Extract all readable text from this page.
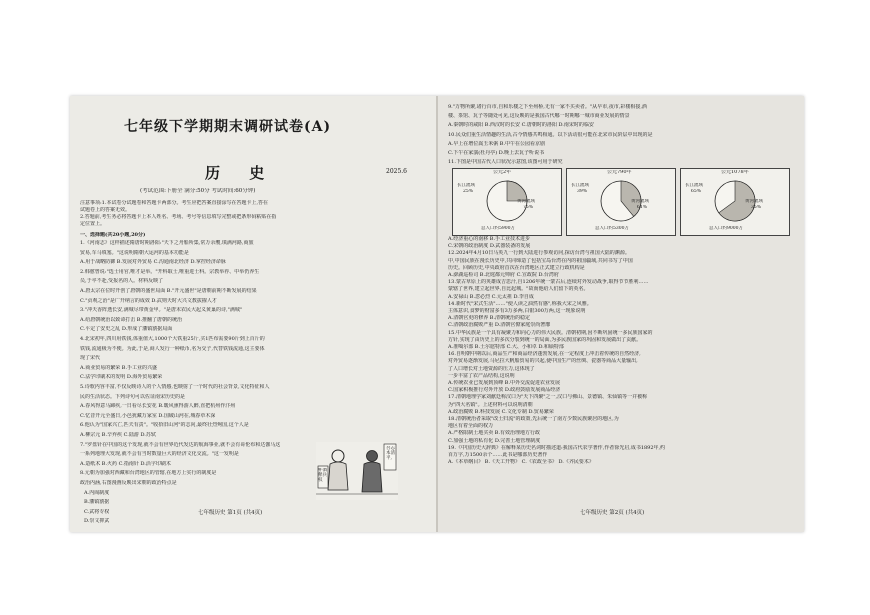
七年级下学期期末调研试卷(A)
历 史	2025.6
(考试范围:下册全 满分:50分 考试时间:60分钟)
注意事项:1.本试卷分试题卷和答题卡两部分。考生应把答案直接涂写在答题卡上,答在
试题卷上的答案无效。
2.答题前,考生务必将答题卡上本人姓名、考场、考号等信息填写完整或把条形码粘贴在指
定位置上。
一、选择题(共20小题,20分)
1.《河南志》这样描述隋唐时期洛阳:"天下之舟船所集,常万余艘,填满河路,商旅
贸易,车马填塞。"这说明隋朝大运河的基本功能是
A.用于战略防御 B.发展对外贸易 C.沟通南北经济 D.掌控经济命脉
2.韩愈曾说:"选士用官,唯才是举。"开科取士,唯重进士科。宗教举荐、中举仍养生
员,于卒不赴,受报名的人。材料反映了
A.唐太宗在位时开创了唐朝的盛世局面 B."开元盛世"是唐朝前期不断发展的结果
C."贞观之治"是广开纳言的成效 D.武则天时大兴文教拔擢人才
3."冲天香阵透长安,满城尽带黄金甲。"是唐末农民大起义黄巢的诗,"满城"
A.给唐朝统治以致命打击 B.推翻了唐朝的统治
C.平定了安史之乱 D.形成了藩镇割据局面
4.北宋初年,四川用铁钱,体重值大,1000个大铁重25斤,买1匹布需要90斤到上百斤的
铁钱,流通极为不便。为此,于是,商人发行一种纸币,名为交子,代替铁钱流通,这主要体
现了宋代
A.商业贸易的繁荣 B.手工业的兴盛
C.法学印刷术的发明 D.海外贸易繁荣
5.诗歌内容丰富,不仅反映诗人的个人情感,也映射了一个时代的社会背景,文化特征和人
民的生活状态。下列诗句可以佐证南宋历史的是
A.春风得意马蹄疾,一日看尽长安花 B.暖风熏得游人醉,直把杭州作汴州
C.忆昔开元全盛日,小邑犹藏万家室 D.国破山河在,城春草木深
6.他认为"国家兴亡,匹夫有责"。"收拾旧山河"的志向,最终壮烈殉国,这个人是
A.柳宗元 B.辛弃疾 C.陆游 D.苏轼
7."罗盘针在中国的这个发现,就不会有世界近代发达的航海事业,就不会有哥伦布和达伽马这
一系列地理大发现,就不会有当时数量巨大的经济文化交流。"这一发明是
A.造纸术 B.火药 C.指南针 D.活字印刷术
8.元朝为加强对西藏和台湾地区的管辖,在地方上实行的制度是
政治内涵,右图漫画反映出宋朝的政治特点是
A.内阁制度
B.藩镇割据
C.武将专权
D.崇文抑武
吾志本清平,
杯酒释兵权
七年级历史 第1页 (共4页)
9."万物所聚,诸行百市,自和乐楼之下至州桥,无有一家不买卖者。"从早市,夜市,彩楼相接,酒
楼、茶馆、瓦子等随处可见,这反映的是我国古代哪一时期哪一城市商业发展的情景
A.秦朝时的咸阳 B.西汉时的长安 C.唐朝时的洛阳 D.南宋时的临安
10.民众们重生活情趣的生活,古今情感共鸣相通。以下活动很可能在北宋市民阶层中出现的是
A.早上在增位嵩玉米粥 B.中午在公园看京剧
C.下午在家演(杜丹亭) D.晚上去瓦子听说书
11.下图是中国古代人口状况示意图,该图可用于研究
A.经济重心的南移 B.手工业技术进步
C.宋朝的政治制度 D.武器装备的发展
12.2024年4月10日马英九一行到大陆进行参观访问,探访台湾与祖国大陆的渊源。
中,中国民族在漫长历史中,共同缔造了包括宝岛台湾在内的祖国疆域,共同书写了中国
历史。回顾历史,中央政府首次在台湾地区正式建立行政机构是
A.澎湖巡检司 B.北庭都元帅府 C.宣政院 D.台湾府
13.蒙古草原上的英雄成吉思汗,自1206年统一蒙古后,连续对外发动战争,取得节节胜利……
蒙辖了世界,建立起世界,自比起城。"故而他给人们留下的英名。
A.安禄山 B.忽必烈 C.元太祖 D.李自成
14.新时代"宋式生活"……"使人读之油然有感",称我大宋之风雅。
主体意识,食梦的财富多有3万多两,白银300万两,这一现象说明
A.清朝官吏的修养 B.清朝统治的稳定
C.清朝政治腐败严重 D.清朝官僚家庭崇尚奢靡
15.中华民族是一个具有凝聚力和向心力的伟大民族。清朝初期,因不断巩固统一多民族国家的
方针,实现了由历史上的多次分裂到统一的局面,为多民族国家的巩固和发展做出了贡献。
A.准噶尔部 B.土尔扈特部 C.大、小和卓 D.和硕特部
16.自明朝中期以后,商品生产和商品经济蓬勃发展,在一定程度上冲击着传统的自然经济,
对外贸易逐渐发展,马尼拉大帆船贸易的兴起,使中国生产的丝绸、瓷器等商品大量输出,
了人口增长对土地资源的压力,这体现了
一步丰富了农产品结构,这说明
A.传统农业已发展到顶峰 B.中外交流促进农业发展
C.国家积极推行对外开放 D.政府鼓励发展商品经济
17.清朝地理学家刘献廷称汉口为"天下四聚"之一,汉口与佛山、景德镇、朱仙镇等一并被称
为"四大名镇"。上述材料可以说明清朝
A.政治腐败 B.科技发展 C.文化专制 D.贸易繁荣
18.清朝统治者采取"改土归流"的政策,先后统一了南方少数民族聚居的地区,为
地区有着全面的权力
A.严格限制土地买卖 B.有效治理地方行政
C.加强土地的私有化 D.完善土地管理制度
19.《中国历史大辞典》在解释某历史名词时描述道:我国古代农学著作,作者徐光启,成书1892年,约
百万字,万1500余个……此书是哪部历史著作
A.《本草纲目》 B.《天工开物》 C.《农政全书》 D.《齐民要术》
公元2年
长江流域
25%
黄河流域
75%
总人口约5900万
公元790年
长江流域
39%
黄河流域
61%
总人口约5300万
公元1078年
长江流域
65%
黄河流域
35%
总人口约9000万
七年级历史 第2页 (共4页)
